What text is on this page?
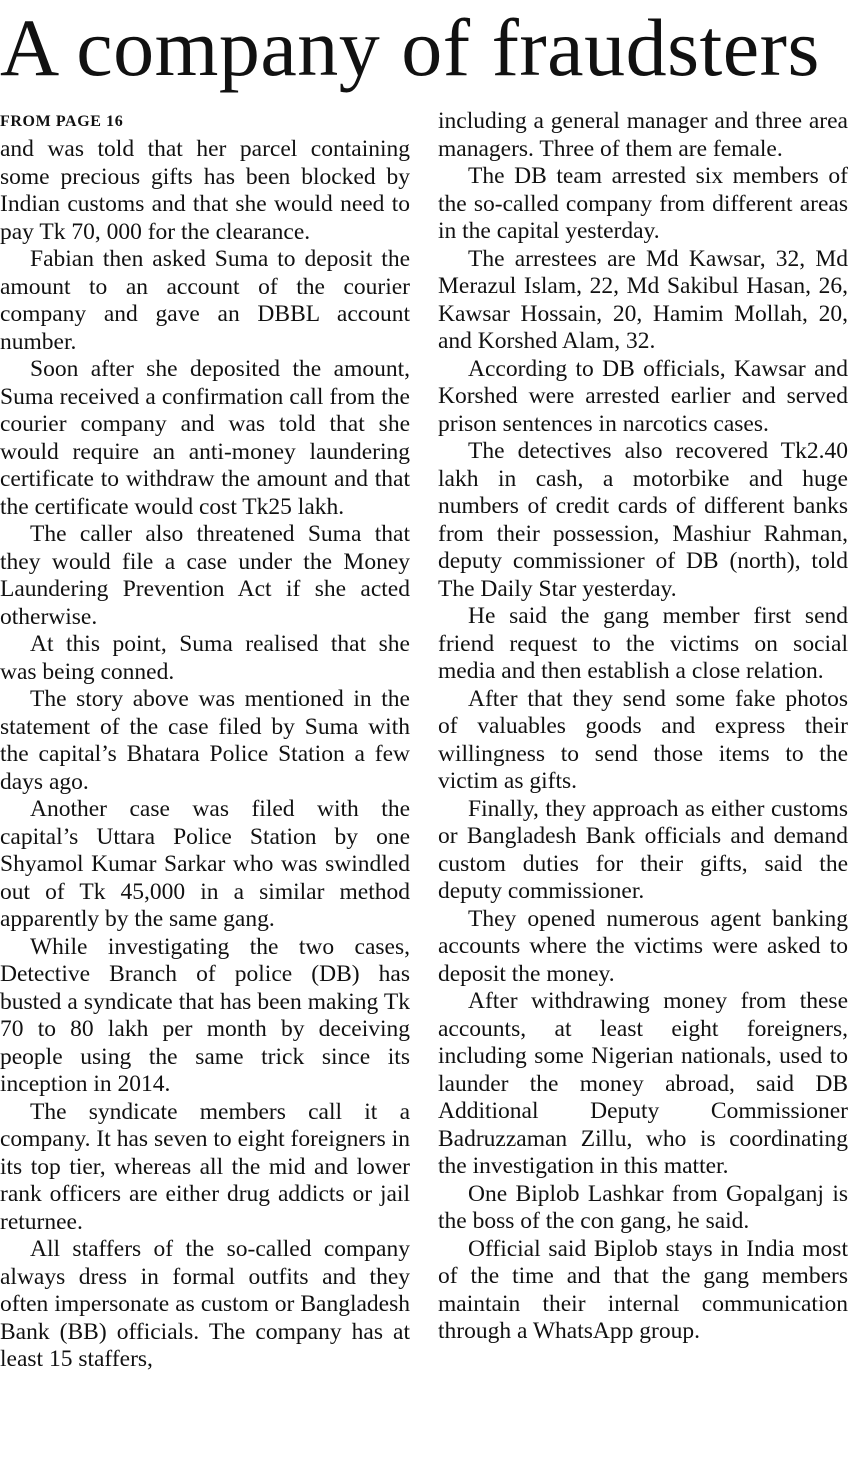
A company of fraudsters
FROM PAGE 16

and was told that her parcel containing some precious gifts has been blocked by Indian customs and that she would need to pay Tk 70, 000 for the clearance.

Fabian then asked Suma to deposit the amount to an account of the courier company and gave an DBBL account number.

Soon after she deposited the amount, Suma received a confirmation call from the courier company and was told that she would require an anti-money laundering certificate to withdraw the amount and that the certificate would cost Tk25 lakh.

The caller also threatened Suma that they would file a case under the Money Laundering Prevention Act if she acted otherwise.

At this point, Suma realised that she was being conned.

The story above was mentioned in the statement of the case filed by Suma with the capital’s Bhatara Police Station a few days ago.

Another case was filed with the capital’s Uttara Police Station by one Shyamol Kumar Sarkar who was swindled out of Tk 45,000 in a similar method apparently by the same gang.

While investigating the two cases, Detective Branch of police (DB) has busted a syndicate that has been making Tk 70 to 80 lakh per month by deceiving people using the same trick since its inception in 2014.

The syndicate members call it a company. It has seven to eight foreigners in its top tier, whereas all the mid and lower rank officers are either drug addicts or jail returnee.

All staffers of the so-called company always dress in formal outfits and they often impersonate as custom or Bangladesh Bank (BB) officials. The company has at least 15 staffers,

including a general manager and three area managers. Three of them are female.

The DB team arrested six members of the so-called company from different areas in the capital yesterday.

The arrestees are Md Kawsar, 32, Md Merazul Islam, 22, Md Sakibul Hasan, 26, Kawsar Hossain, 20, Hamim Mollah, 20, and Korshed Alam, 32.

According to DB officials, Kawsar and Korshed were arrested earlier and served prison sentences in narcotics cases.

The detectives also recovered Tk2.40 lakh in cash, a motorbike and huge numbers of credit cards of different banks from their possession, Mashiur Rahman, deputy commissioner of DB (north), told The Daily Star yesterday.

He said the gang member first send friend request to the victims on social media and then establish a close relation.

After that they send some fake photos of valuables goods and express their willingness to send those items to the victim as gifts.

Finally, they approach as either customs or Bangladesh Bank officials and demand custom duties for their gifts, said the deputy commissioner.

They opened numerous agent banking accounts where the victims were asked to deposit the money.

After withdrawing money from these accounts, at least eight foreigners, including some Nigerian nationals, used to launder the money abroad, said DB Additional Deputy Commissioner Badruzzaman Zillu, who is coordinating the investigation in this matter.

One Biplob Lashkar from Gopalganj is the boss of the con gang, he said.

Official said Biplob stays in India most of the time and that the gang members maintain their internal communication through a WhatsApp group.
